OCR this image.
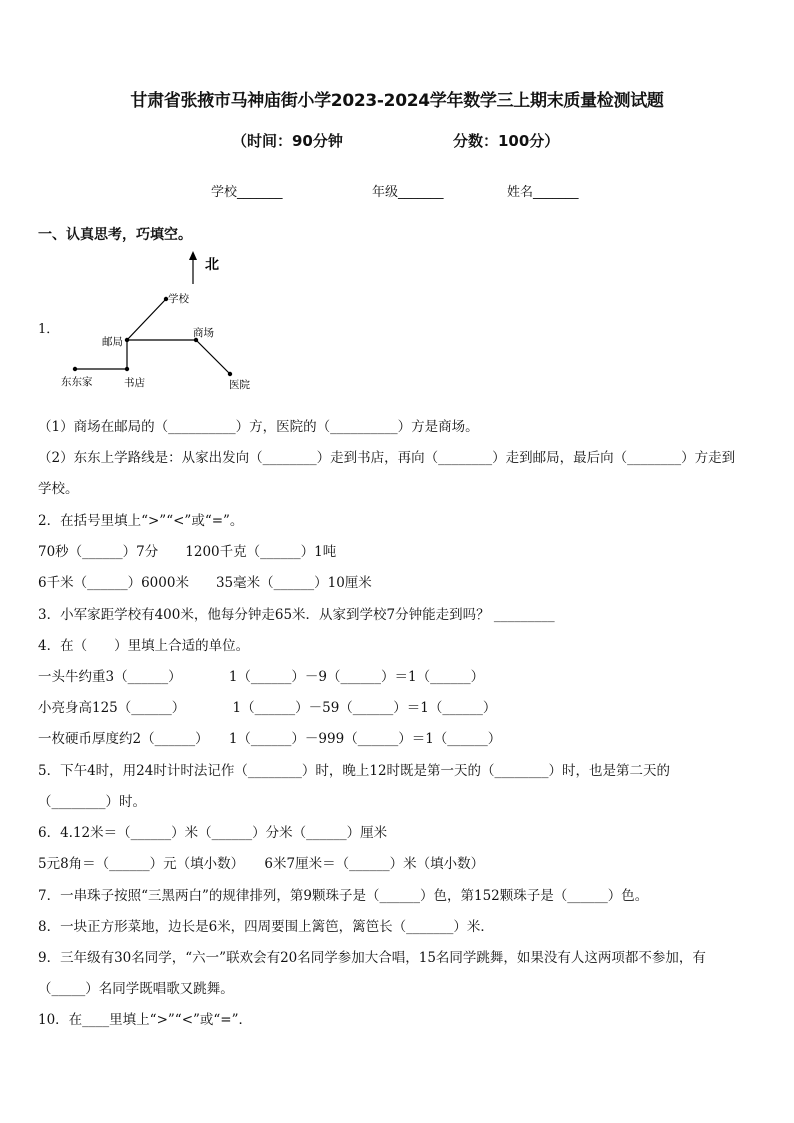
甘肃省张掖市马神庙街小学2023-2024学年数学三上期末质量检测试题
（时间：90分钟	分数：100分）
学校_______	年级_______	姓名_______
一、认真思考，巧填空。
1．
北
学校
邮局
商场
东东家	书店	医院
（1）商场在邮局的（__________）方，医院的（__________）方是商场。
（2）东东上学路线是：从家出发向（________）走到书店，再向（________）走到邮局，最后向（________）方走到
学校。
2．在括号里填上“>”“<”或“=”。
70秒（______）7分　　1200千克（______）1吨
6千米（______）6000米　　35毫米（______）10厘米
3．小军家距学校有400米，他每分钟走65米．从家到学校7分钟能走到吗？ _________
4．在（　　）里填上合适的单位。
一头牛约重3（______）　　　　1（______）－9（______）＝1（______）
小亮身高125（______）　　　　1（______）－59（______）＝1（______）
一枚硬币厚度约2（______）　　1（______）－999（______）＝1（______）
5．下午4时，用24时计时法记作（________）时，晚上12时既是第一天的（________）时，也是第二天的
（________）时。
6．4.12米＝（______）米（______）分米（______）厘米
5元8角＝（______）元（填小数）　　6米7厘米＝（______）米（填小数）
7．一串珠子按照“三黑两白”的规律排列，第9颗珠子是（______）色，第152颗珠子是（______）色。
8．一块正方形菜地，边长是6米，四周要围上篱笆，篱笆长（_______）米．
9．三年级有30名同学，“六一”联欢会有20名同学参加大合唱，15名同学跳舞，如果没有人这两项都不参加，有
（_____）名同学既唱歌又跳舞。
10．在____里填上“>”“<”或“=”．
